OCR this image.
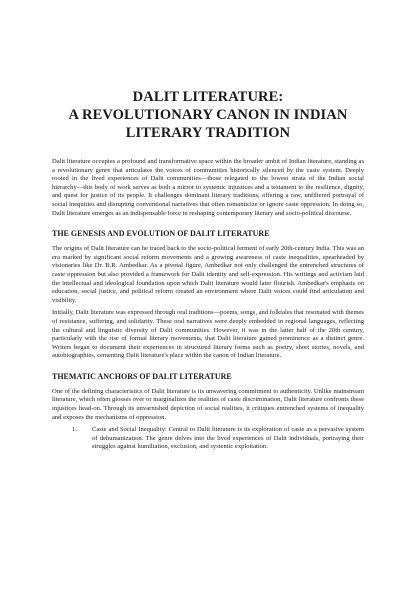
DALIT LITERATURE:
A REVOLUTIONARY CANON IN INDIAN
LITERARY TRADITION

Dalit literature occupies a profound and transformative space within the broader ambit of Indian literature, standing as a revolutionary genre that articulates the voices of communities historically silenced by the caste system. Deeply rooted in the lived experiences of Dalit communities—those relegated to the lowest strata of the Indian social hierarchy—this body of work serves as both a mirror to systemic injustices and a testament to the resilience, dignity, and quest for justice of its people. It challenges dominant literary traditions, offering a raw, unfiltered portrayal of social inequities and disrupting conventional narratives that often romanticize or ignore caste oppression. In doing so, Dalit literature emerges as an indispensable force in reshaping contemporary literary and socio-political discourse.

THE GENESIS AND EVOLUTION OF DALIT LITERATURE

The origins of Dalit literature can be traced back to the socio-political ferment of early 20th-century India. This was an era marked by significant social reform movements and a growing awareness of caste inequalities, spearheaded by visionaries like Dr. B.R. Ambedkar. As a pivotal figure, Ambedkar not only challenged the entrenched structures of caste oppression but also provided a framework for Dalit identity and self-expression. His writings and activism laid the intellectual and ideological foundation upon which Dalit literature would later flourish. Ambedkar's emphasis on education, social justice, and political reform created an environment where Dalit voices could find articulation and visibility.

Initially, Dalit literature was expressed through oral traditions—poems, songs, and folktales that resonated with themes of resistance, suffering, and solidarity. These oral narratives were deeply embedded in regional languages, reflecting the cultural and linguistic diversity of Dalit communities. However, it was in the latter half of the 20th century, particularly with the rise of formal literary movements, that Dalit literature gained prominence as a distinct genre. Writers began to document their experiences in structured literary forms such as poetry, short stories, novels, and autobiographies, cementing Dalit literature's place within the canon of Indian literature.

THEMATIC ANCHORS OF DALIT LITERATURE

One of the defining characteristics of Dalit literature is its unwavering commitment to authenticity. Unlike mainstream literature, which often glosses over or marginalizes the realities of caste discrimination, Dalit literature confronts these injustices head-on. Through its unvarnished depiction of social realities, it critiques entrenched systems of inequality and exposes the mechanisms of oppression.

1.	Caste and Social Inequality: Central to Dalit literature is its exploration of caste as a pervasive system of dehumanization. The genre delves into the lived experiences of Dalit individuals, portraying their struggles against humiliation, exclusion, and systemic exploitation.
